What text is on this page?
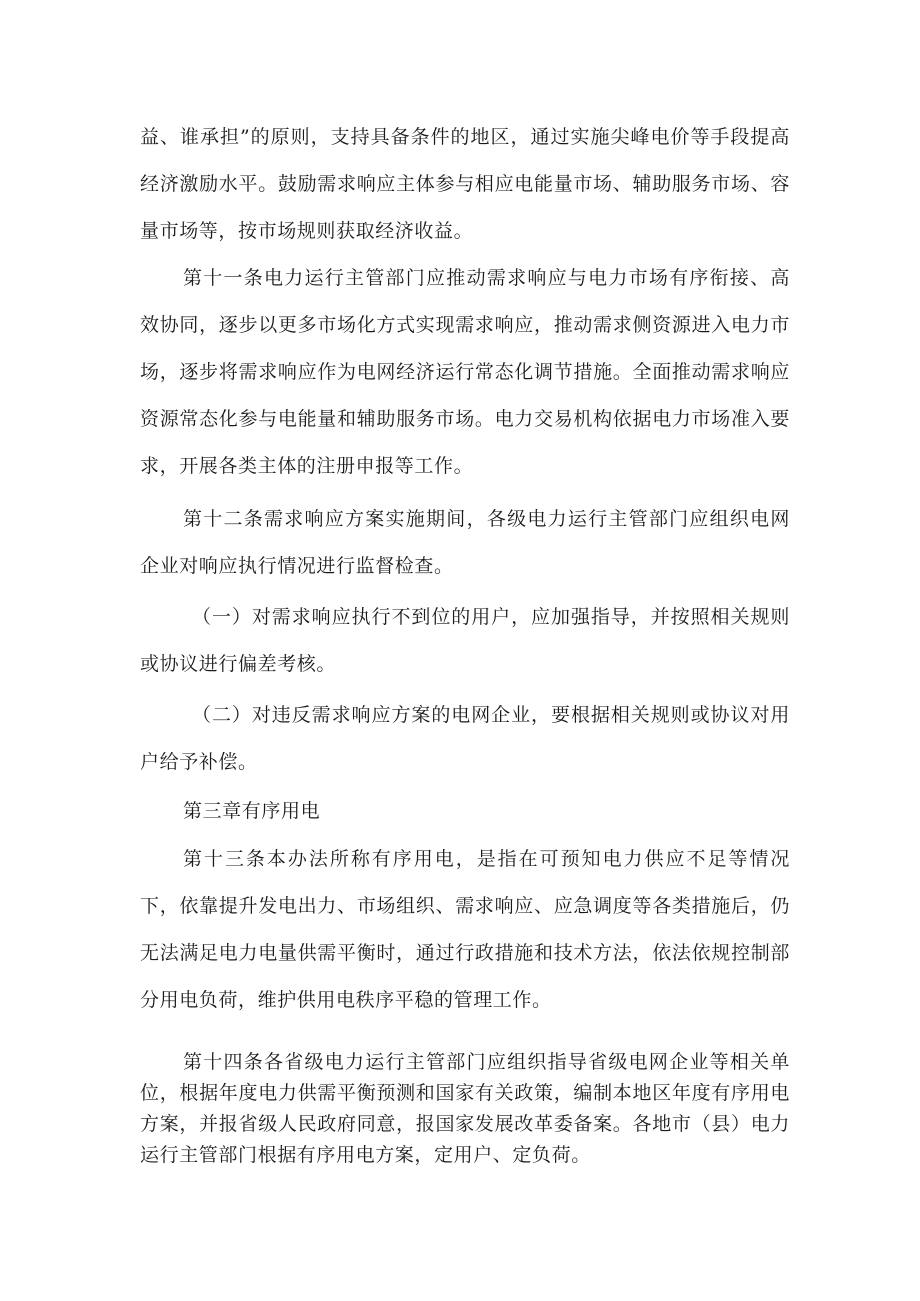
益、谁承担”的原则，支持具备条件的地区，通过实施尖峰电价等手段提高经济激励水平。鼓励需求响应主体参与相应电能量市场、辅助服务市场、容量市场等，按市场规则获取经济收益。

第十一条电力运行主管部门应推动需求响应与电力市场有序衔接、高效协同，逐步以更多市场化方式实现需求响应，推动需求侧资源进入电力市场，逐步将需求响应作为电网经济运行常态化调节措施。全面推动需求响应资源常态化参与电能量和辅助服务市场。电力交易机构依据电力市场准入要求，开展各类主体的注册申报等工作。

第十二条需求响应方案实施期间，各级电力运行主管部门应组织电网企业对响应执行情况进行监督检查。

（一）对需求响应执行不到位的用户，应加强指导，并按照相关规则或协议进行偏差考核。

（二）对违反需求响应方案的电网企业，要根据相关规则或协议对用户给予补偿。

第三章有序用电

第十三条本办法所称有序用电，是指在可预知电力供应不足等情况下，依靠提升发电出力、市场组织、需求响应、应急调度等各类措施后，仍无法满足电力电量供需平衡时，通过行政措施和技术方法，依法依规控制部分用电负荷，维护供用电秩序平稳的管理工作。

第十四条各省级电力运行主管部门应组织指导省级电网企业等相关单位，根据年度电力供需平衡预测和国家有关政策，编制本地区年度有序用电方案，并报省级人民政府同意，报国家发展改革委备案。各地市（县）电力运行主管部门根据有序用电方案，定用户、定负荷。
